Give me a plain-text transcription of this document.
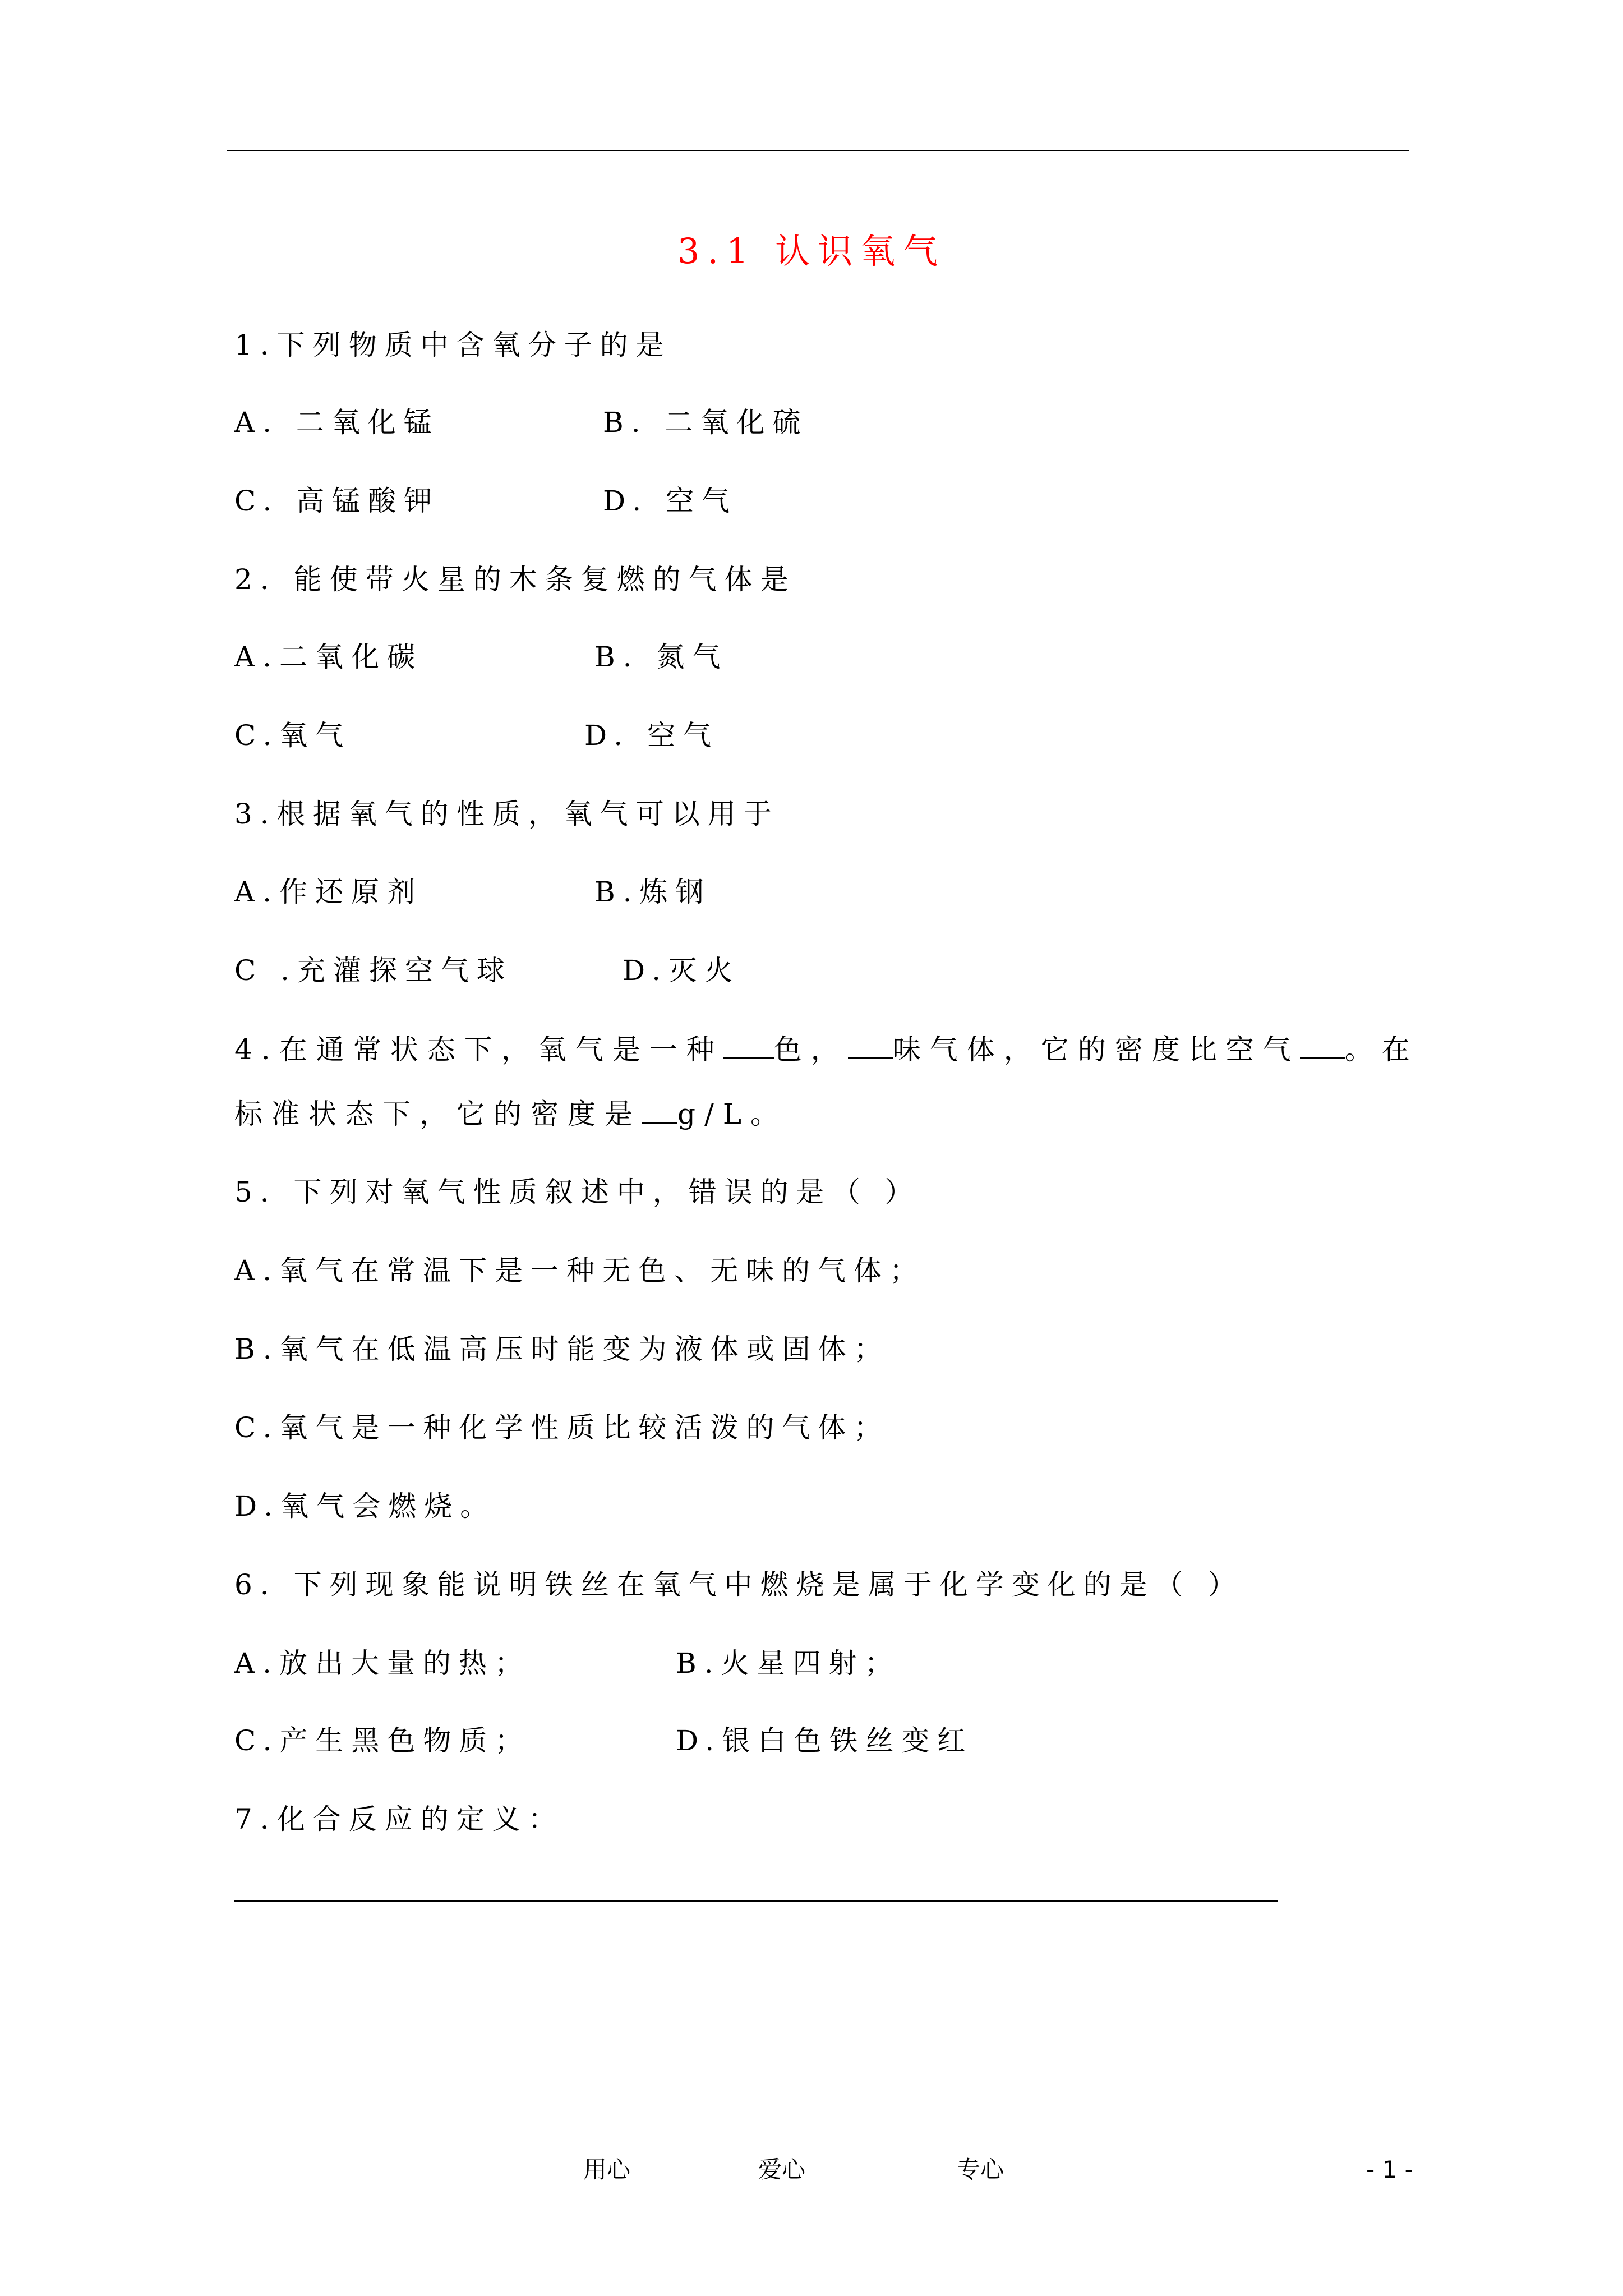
3.1 认识氧气
1.下列物质中含氧分子的是
A. 二氧化锰	B. 二氧化硫
C. 高锰酸钾	D. 空气
2. 能使带火星的木条复燃的气体是
A.二氧化碳	B. 氮气
C.氧气	D. 空气
3.根据氧气的性质，氧气可以用于
A.作还原剂	B.炼钢
C .充灌探空气球	D.灭火
4.在通常状态下，氧气是一种 色， 味气体，它的密度比空气 。在
标准状态下，它的密度是 g/L。
5. 下列对氧气性质叙述中，错误的是（ ）
A.氧气在常温下是一种无色、无味的气体；
B.氧气在低温高压时能变为液体或固体；
C.氧气是一种化学性质比较活泼的气体；
D.氧气会燃烧。
6. 下列现象能说明铁丝在氧气中燃烧是属于化学变化的是（ ）
A.放出大量的热；	B.火星四射；
C.产生黑色物质；	D.银白色铁丝变红
7.化合反应的定义：
用心	爱心	专心	- 1 -
